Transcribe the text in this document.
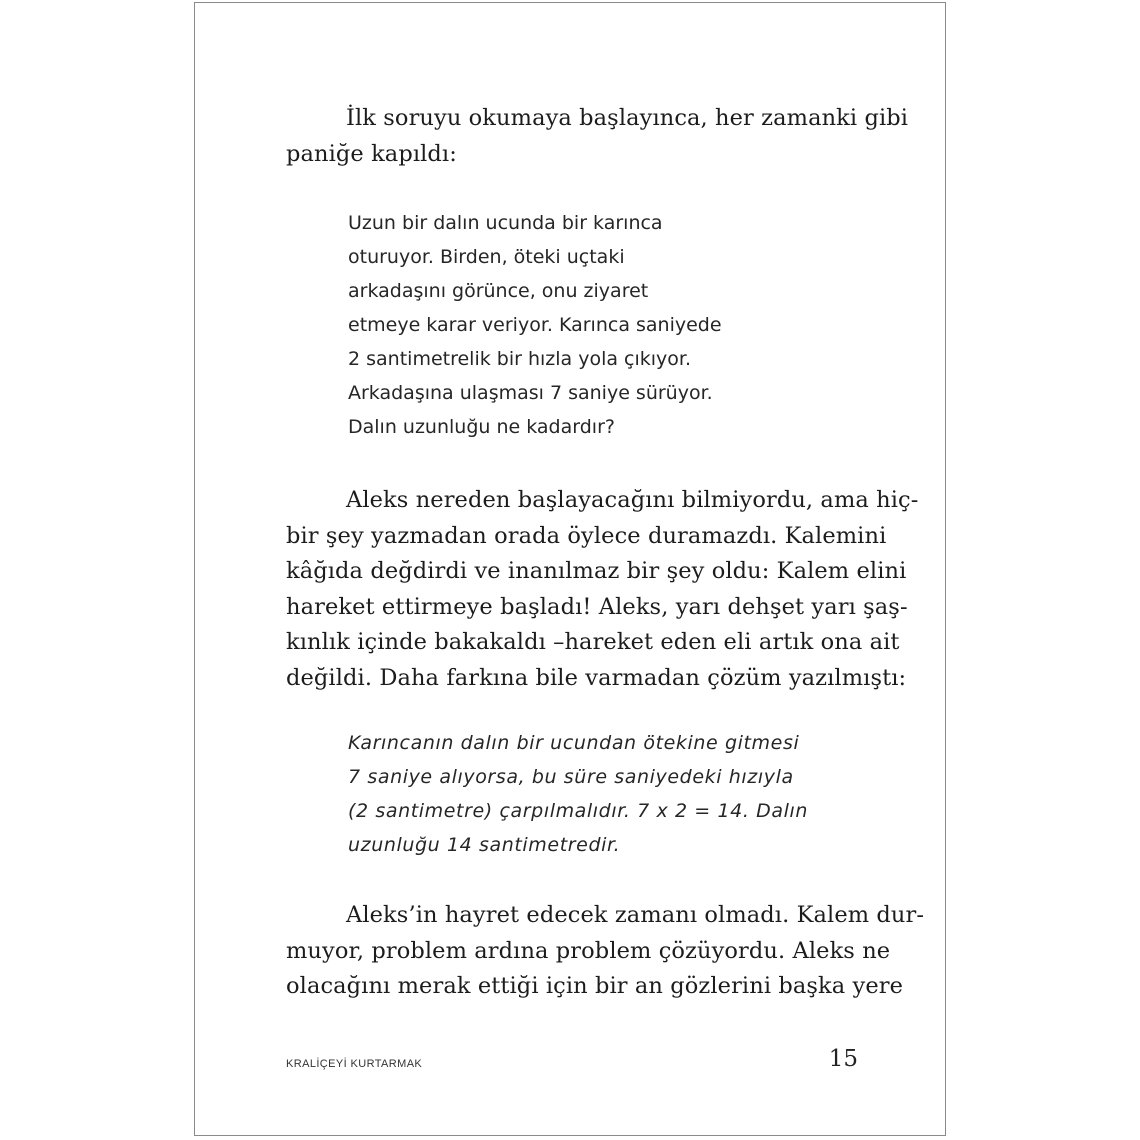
İlk soruyu okumaya başlayınca, her zamanki gibi
paniğe kapıldı:
Uzun bir dalın ucunda bir karınca
oturuyor. Birden, öteki uçtaki
arkadaşını görünce, onu ziyaret
etmeye karar veriyor. Karınca saniyede
2 santimetrelik bir hızla yola çıkıyor.
Arkadaşına ulaşması 7 saniye sürüyor.
Dalın uzunluğu ne kadardır?
Aleks nereden başlayacağını bilmiyordu, ama hiç-
bir şey yazmadan orada öylece duramazdı. Kalemini
kâğıda değdirdi ve inanılmaz bir şey oldu: Kalem elini
hareket ettirmeye başladı! Aleks, yarı dehşet yarı şaş-
kınlık içinde bakakaldı –hareket eden eli artık ona ait
değildi. Daha farkına bile varmadan çözüm yazılmıştı:
Karıncanın dalın bir ucundan ötekine gitmesi
7 saniye alıyorsa, bu süre saniyedeki hızıyla
(2 santimetre) çarpılmalıdır. 7 x 2 = 14. Dalın
uzunluğu 14 santimetredir.
Aleks’in hayret edecek zamanı olmadı. Kalem dur-
muyor, problem ardına problem çözüyordu. Aleks ne
olacağını merak ettiği için bir an gözlerini başka yere
KRALİÇEYİ KURTARMAK	15
